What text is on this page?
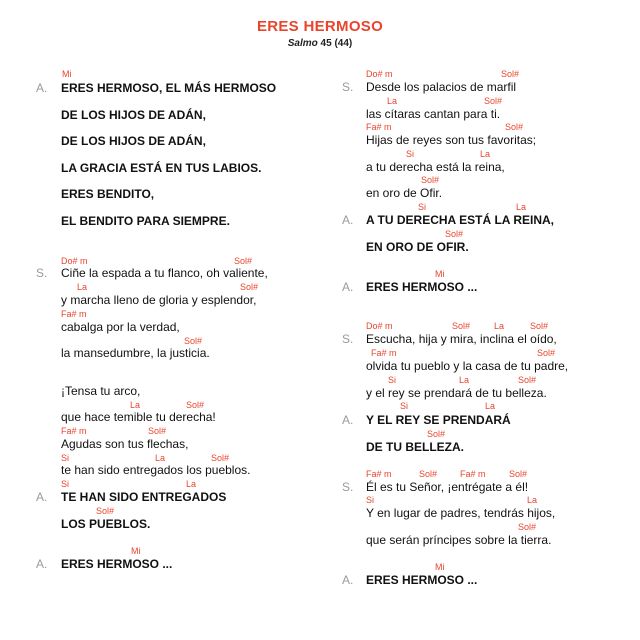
ERES HERMOSO
Salmo 45 (44)
Mi
A. ERES HERMOSO, EL MÁS HERMOSO
DE LOS HIJOS DE ADÁN,
DE LOS HIJOS DE ADÁN,
LA GRACIA ESTÁ EN TUS LABIOS.
ERES BENDITO,
EL BENDITO PARA SIEMPRE.
Do# m	Sol#
S. Ciñe la espada a tu flanco, oh valiente,
La	Sol#
y marcha lleno de gloria y esplendor,
Fa# m
cabalga por la verdad,
Sol#
la mansedumbre, la justicia.
¡Tensa tu arco,
La	Sol#
que hace temible tu derecha!
Fa# m	Sol#
Agudas son tus flechas,
Si	La	Sol#
te han sido entregados los pueblos.
Si	La
A. TE HAN SIDO ENTREGADOS
Sol#
LOS PUEBLOS.
Mi
A. ERES HERMOSO ...
Do# m	Sol#
S. Desde los palacios de marfil
La	Sol#
las cítaras cantan para ti.
Fa# m	Sol#
Hijas de reyes son tus favoritas;
Si	La
a tu derecha está la reina,
Sol#
en oro de Ofir.
Si	La
A. A TU DERECHA ESTÁ LA REINA,
Sol#
EN ORO DE OFIR.
Mi
A. ERES HERMOSO ...
Do# m	Sol#	La	Sol#
S. Escucha, hija y mira, inclina el oído,
Fa# m	Sol#
olvida tu pueblo y la casa de tu padre,
Si	La	Sol#
y el rey se prendará de tu belleza.
Si	La
A. Y EL REY SE PRENDARÁ
Sol#
DE TU BELLEZA.
Fa# m	Sol#	Fa# m	Sol#
S. Él es tu Señor, ¡entrégate a él!
Si	La
Y en lugar de padres, tendrás hijos,
Sol#
que serán príncipes sobre la tierra.
Mi
A. ERES HERMOSO ...
